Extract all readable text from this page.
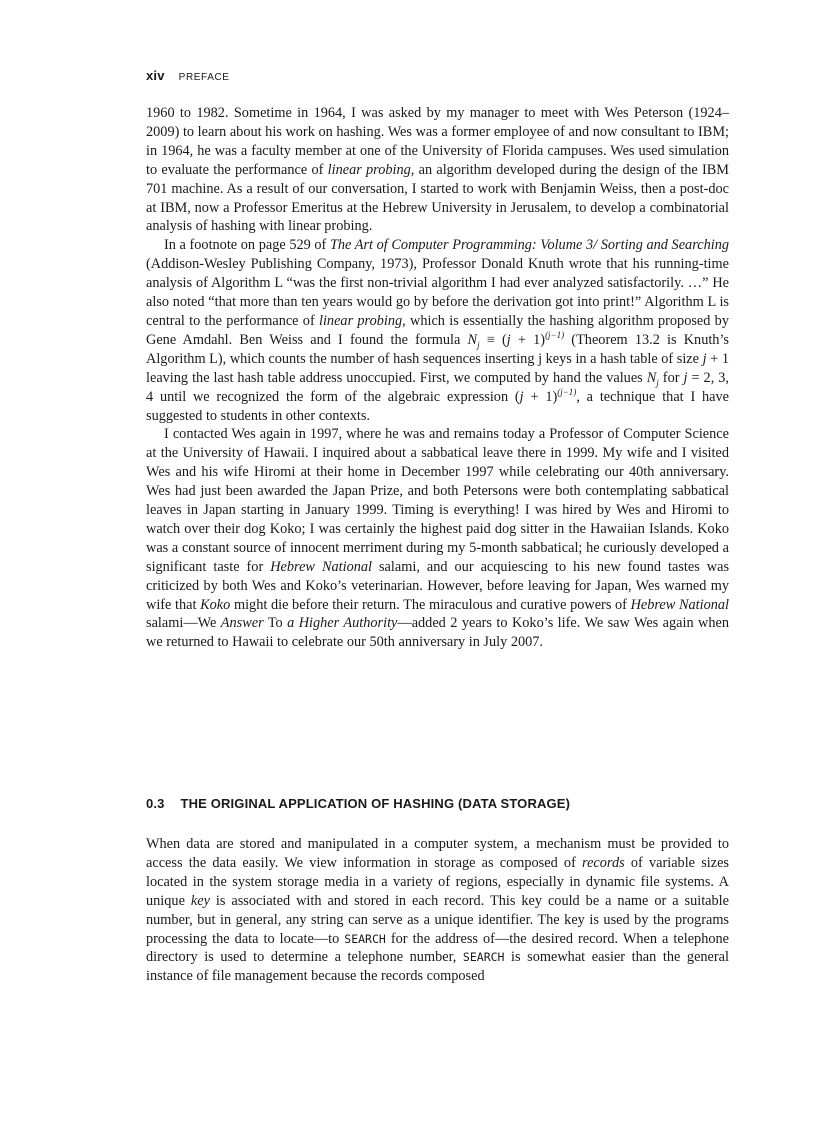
xiv PREFACE

1960 to 1982. Sometime in 1964, I was asked by my manager to meet with Wes Peterson (1924–2009) to learn about his work on hashing. Wes was a former employee of and now consultant to IBM; in 1964, he was a faculty member at one of the University of Florida campuses. Wes used simulation to evaluate the performance of linear probing, an algorithm developed during the design of the IBM 701 machine. As a result of our conversation, I started to work with Benjamin Weiss, then a post-doc at IBM, now a Professor Emeritus at the Hebrew University in Jerusalem, to develop a combinatorial analysis of hashing with linear probing.

In a footnote on page 529 of The Art of Computer Programming: Volume 3/ Sorting and Searching (Addison-Wesley Publishing Company, 1973), Professor Donald Knuth wrote that his running-time analysis of Algorithm L “was the first non-trivial algorithm I had ever analyzed satisfactorily. …” He also noted “that more than ten years would go by before the derivation got into print!” Algorithm L is central to the performance of linear probing, which is essentially the hashing algorithm proposed by Gene Amdahl. Ben Weiss and I found the formula $N_j \equiv (j + 1)^{(j-1)}$ (Theorem 13.2 is Knuth’s Algorithm L), which counts the number of hash sequences inserting j keys in a hash table of size j + 1 leaving the last hash table address unoccupied. First, we computed by hand the values $N_j$ for j = 2, 3, 4 until we recognized the form of the algebraic expression $(j + 1)^{(j-1)}$, a technique that I have suggested to students in other contexts.

I contacted Wes again in 1997, where he was and remains today a Professor of Computer Science at the University of Hawaii. I inquired about a sabbatical leave there in 1999. My wife and I visited Wes and his wife Hiromi at their home in December 1997 while celebrating our 40th anniversary. Wes had just been awarded the Japan Prize, and both Petersons were both contemplating sabbatical leaves in Japan starting in January 1999. Timing is everything! I was hired by Wes and Hiromi to watch over their dog Koko; I was certainly the highest paid dog sitter in the Hawaiian Islands. Koko was a constant source of innocent merriment during my 5-month sabbatical; he curiously developed a significant taste for Hebrew National salami, and our acquiescing to his new found tastes was criticized by both Wes and Koko’s veterinarian. However, before leaving for Japan, Wes warned my wife that Koko might die before their return. The miraculous and curative powers of Hebrew National salami—We Answer To a Higher Authority—added 2 years to Koko’s life. We saw Wes again when we returned to Hawaii to celebrate our 50th anniversary in July 2007.

0.3 THE ORIGINAL APPLICATION OF HASHING (DATA STORAGE)

When data are stored and manipulated in a computer system, a mechanism must be provided to access the data easily. We view information in storage as composed of records of variable sizes located in the system storage media in a variety of regions, especially in dynamic file systems. A unique key is associated with and stored in each record. This key could be a name or a suitable number, but in general, any string can serve as a unique identifier. The key is used by the programs processing the data to locate—to SEARCH for the address of—the desired record. When a telephone directory is used to determine a telephone number, SEARCH is somewhat easier than the general instance of file management because the records composed
